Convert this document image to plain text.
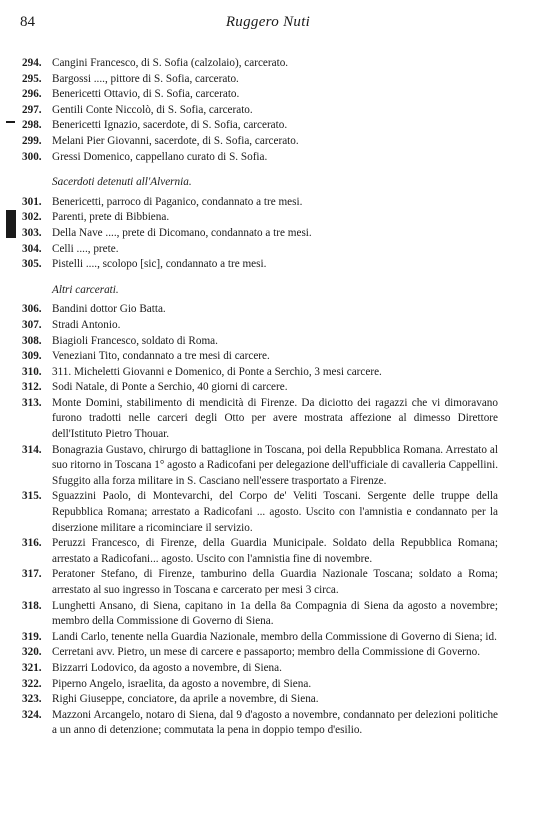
84	Ruggero Nuti
294. Cangini Francesco, di S. Sofia (calzolaio), carcerato.
295. Bargossi ...., pittore di S. Sofia, carcerato.
296. Benericetti Ottavio, di S. Sofia, carcerato.
297. Gentili Conte Niccolò, di S. Sofia, carcerato.
298. Benericetti Ignazio, sacerdote, di S. Sofia, carcerato.
299. Melani Pier Giovanni, sacerdote, di S. Sofia, carcerato.
300. Gressi Domenico, cappellano curato di S. Sofia.
Sacerdoti detenuti all'Alvernia.
301. Benericetti, parroco di Paganico, condannato a tre mesi.
302. Parenti, prete di Bibbiena.
303. Della Nave ...., prete di Dicomano, condannato a tre mesi.
304. Celli ...., prete.
305. Pistelli ...., scolopo [sic], condannato a tre mesi.
Altri carcerati.
306. Bandini dottor Gio Batta.
307. Stradi Antonio.
308. Biagioli Francesco, soldato di Roma.
309. Veneziani Tito, condannato a tre mesi di carcere.
310. 311. Micheletti Giovanni e Domenico, di Ponte a Serchio, 3 mesi carcere.
312. Sodi Natale, di Ponte a Serchio, 40 giorni di carcere.
313. Monte Domini, stabilimento di mendicità di Firenze. Da diciotto dei ragazzi che vi dimoravano furono tradotti nelle carceri degli Otto per avere mostrata affezione al dimesso Direttore dell'Istituto Pietro Thouar.
314. Bonagrazia Gustavo, chirurgo di battaglione in Toscana, poi della Repubblica Romana. Arrestato al suo ritorno in Toscana 1° agosto a Radicofani per delegazione dell'ufficiale di cavalleria Cappellini. Sfuggito alla forza militare in S. Casciano nell'essere trasportato a Firenze.
315. Sguazzini Paolo, di Montevarchi, del Corpo de' Veliti Toscani. Sergente delle truppe della Repubblica Romana; arrestato a Radicofani ... agosto. Uscito con l'amnistia e condannato per la diserzione militare a ricominciare il servizio.
316. Peruzzi Francesco, di Firenze, della Guardia Municipale. Soldato della Repubblica Romana; arrestato a Radicofani... agosto. Uscito con l'amnistia fine di novembre.
317. Peratoner Stefano, di Firenze, tamburino della Guardia Nazionale Toscana; soldato a Roma; arrestato al suo ingresso in Toscana e carcerato per mesi 3 circa.
318. Lunghetti Ansano, di Siena, capitano in 1a della 8a Compagnia di Siena da agosto a novembre; membro della Commissione di Governo di Siena.
319. Landi Carlo, tenente nella Guardia Nazionale, membro della Commissione di Governo di Siena; id.
320. Cerretani avv. Pietro, un mese di carcere e passaporto; membro della Commissione di Governo.
321. Bizzarri Lodovico, da agosto a novembre, di Siena.
322. Piperno Angelo, israelita, da agosto a novembre, di Siena.
323. Righi Giuseppe, conciatore, da aprile a novembre, di Siena.
324. Mazzoni Arcangelo, notaro di Siena, dal 9 d'agosto a novembre, condannato per delezioni politiche a un anno di detenzione; commutata la pena in doppio tempo d'esilio.
